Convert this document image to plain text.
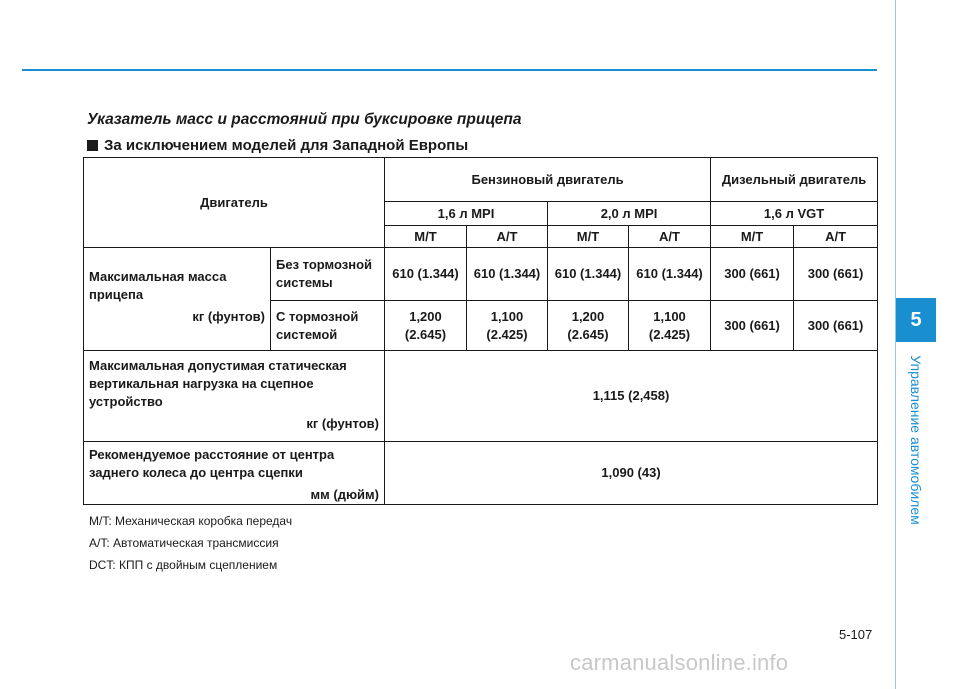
5
Управление автомобилем
Указатель масс и расстояний при буксировке прицепа
За исключением моделей для Западной Европы
Двигатель		Бензиновый двигатель				Дизельный двигатель	
		1,6 л MPI		2,0 л MPI		1,6 л VGT	
		M/T	A/T	M/T	A/T	M/T	A/T

Максимальная масса прицепа
кг (фунтов)	Без тормозной системы	610 (1.344)	610 (1.344)	610 (1.344)	610 (1.344)	300 (661)	300 (661)
	С тормозной системой	1,200 (2.645)	1,100 (2.425)	1,200 (2.645)	1,100 (2.425)	300 (661)	300 (661)

Максимальная допустимая статическая вертикальная нагрузка на сцепное устройство
кг (фунтов)		1,115 (2,458)					

Рекомендуемое расстояние от центра заднего колеса до центра сцепки
мм (дюйм)		1,090 (43)					
M/T: Механическая коробка передач
A/T: Автоматическая трансмиссия
DCT: КПП с двойным сцеплением
5-107
carmanualsonline.info
